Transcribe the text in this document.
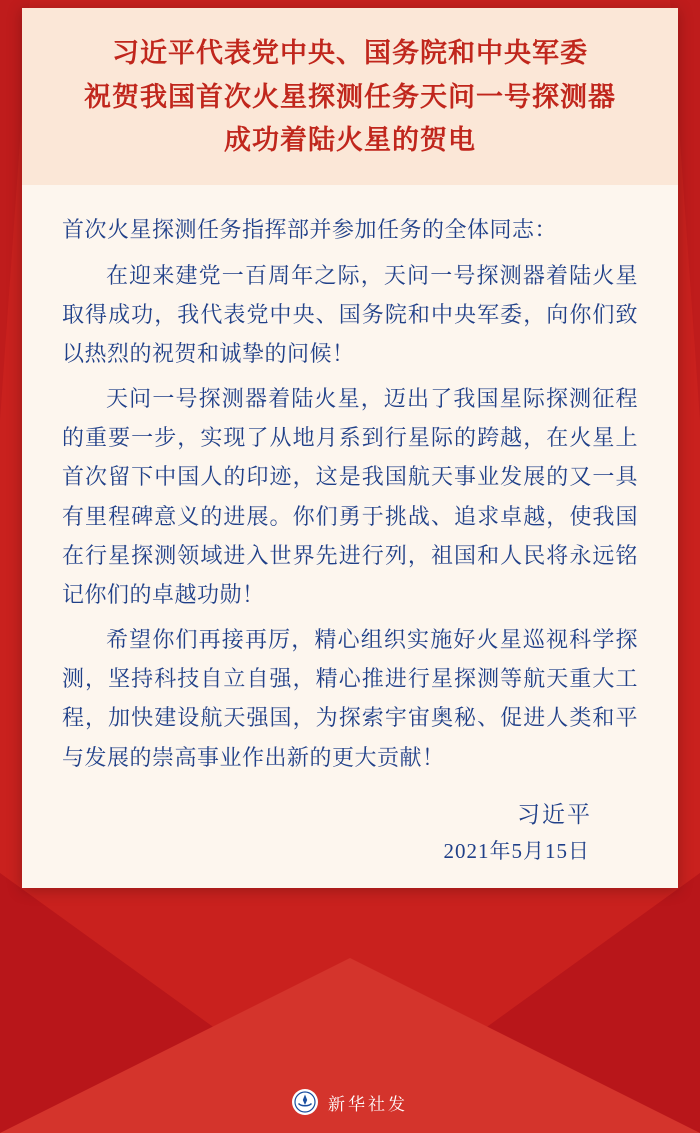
习近平代表党中央、国务院和中央军委
祝贺我国首次火星探测任务天问一号探测器
成功着陆火星的贺电
首次火星探测任务指挥部并参加任务的全体同志：

在迎来建党一百周年之际，天问一号探测器着陆火星取得成功，我代表党中央、国务院和中央军委，向你们致以热烈的祝贺和诚挚的问候！

天问一号探测器着陆火星，迈出了我国星际探测征程的重要一步，实现了从地月系到行星际的跨越，在火星上首次留下中国人的印迹，这是我国航天事业发展的又一具有里程碑意义的进展。你们勇于挑战、追求卓越，使我国在行星探测领域进入世界先进行列，祖国和人民将永远铭记你们的卓越功勋！

希望你们再接再厉，精心组织实施好火星巡视科学探测，坚持科技自立自强，精心推进行星探测等航天重大工程，加快建设航天强国，为探索宇宙奥秘、促进人类和平与发展的崇高事业作出新的更大贡献！

习近平
2021年5月15日
新华社发
